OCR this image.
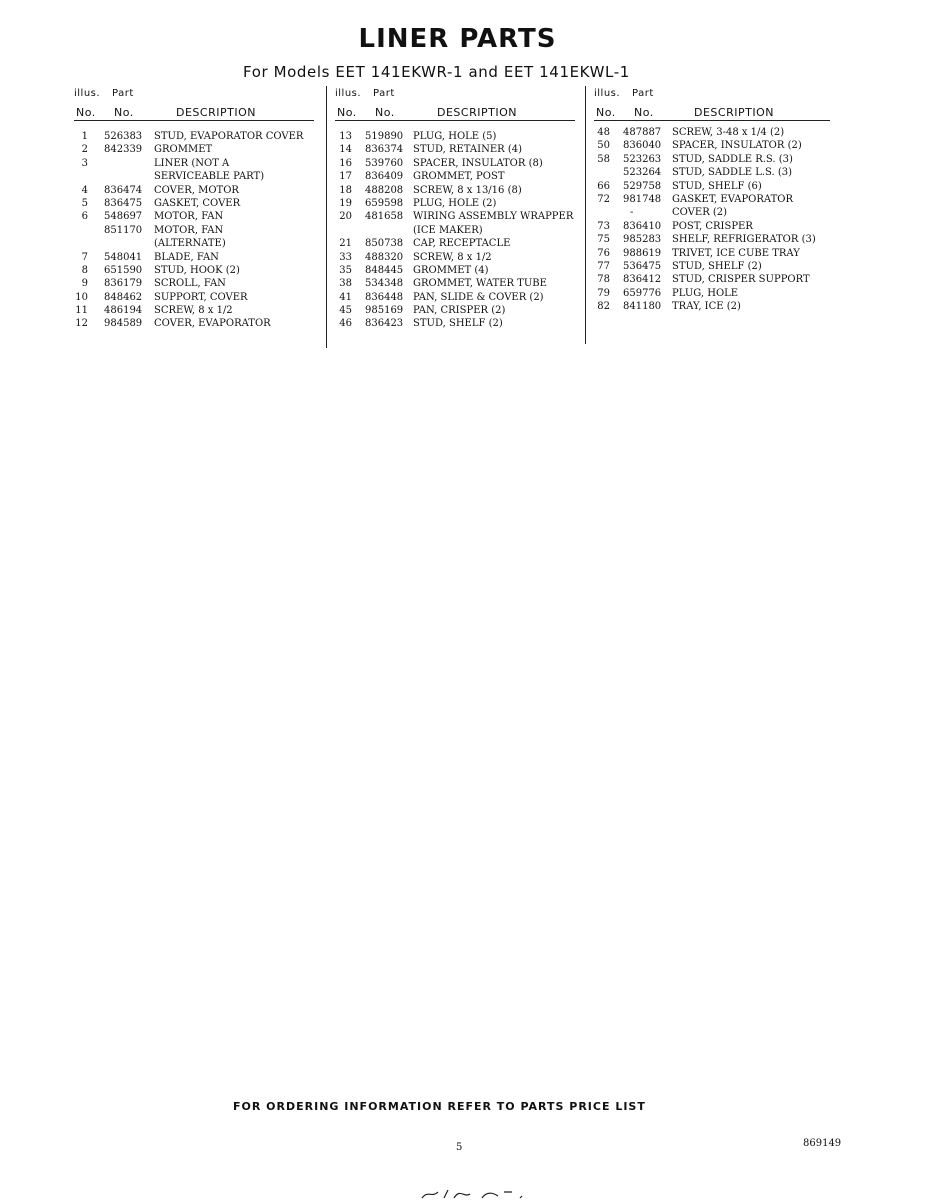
LINER PARTS
For Models EET 141EKWR-1 and EET 141EKWL-1
illus. Part
No. No.	DESCRIPTION
1 526383 STUD, EVAPORATOR COVER
2 842339 GROMMET
3	LINER (NOT A
SERVICEABLE PART)
4 836474 COVER, MOTOR
5 836475 GASKET, COVER
6 548697 MOTOR, FAN
851170 MOTOR, FAN
(ALTERNATE)
7 548041 BLADE, FAN
8 651590 STUD, HOOK (2)
9 836179 SCROLL, FAN
10 848462 SUPPORT, COVER
11 486194 SCREW, 8 x 1/2
12 984589 COVER, EVAPORATOR
illus. Part
No. No.	DESCRIPTION
13 519890 PLUG, HOLE (5)
14 836374 STUD, RETAINER (4)
16 539760 SPACER, INSULATOR (8)
17 836409 GROMMET, POST
18 488208 SCREW, 8 x 13/16 (8)
19 659598 PLUG, HOLE (2)
20 481658 WIRING ASSEMBLY WRAPPER
(ICE MAKER)
21 850738 CAP, RECEPTACLE
33 488320 SCREW, 8 x 1/2
35 848445 GROMMET (4)
38 534348 GROMMET, WATER TUBE
41 836448 PAN, SLIDE & COVER (2)
45 985169 PAN, CRISPER (2)
46 836423 STUD, SHELF (2)
illus. Part
No. No.	DESCRIPTION
48 487887 SCREW, 3-48 x 1/4 (2)
50 836040 SPACER, INSULATOR (2)
58 523263 STUD, SADDLE R.S. (3)
523264 STUD, SADDLE L.S. (3)
66 529758 STUD, SHELF (6)
72 981748 GASKET, EVAPORATOR
-	COVER (2)
73 836410 POST, CRISPER
75 985283 SHELF, REFRIGERATOR (3)
76 988619 TRIVET, ICE CUBE TRAY
77 536475 STUD, SHELF (2)
78 836412 STUD, CRISPER SUPPORT
79 659776 PLUG, HOLE
82 841180 TRAY, ICE (2)
FOR ORDERING INFORMATION REFER TO PARTS PRICE LIST
5	869149
